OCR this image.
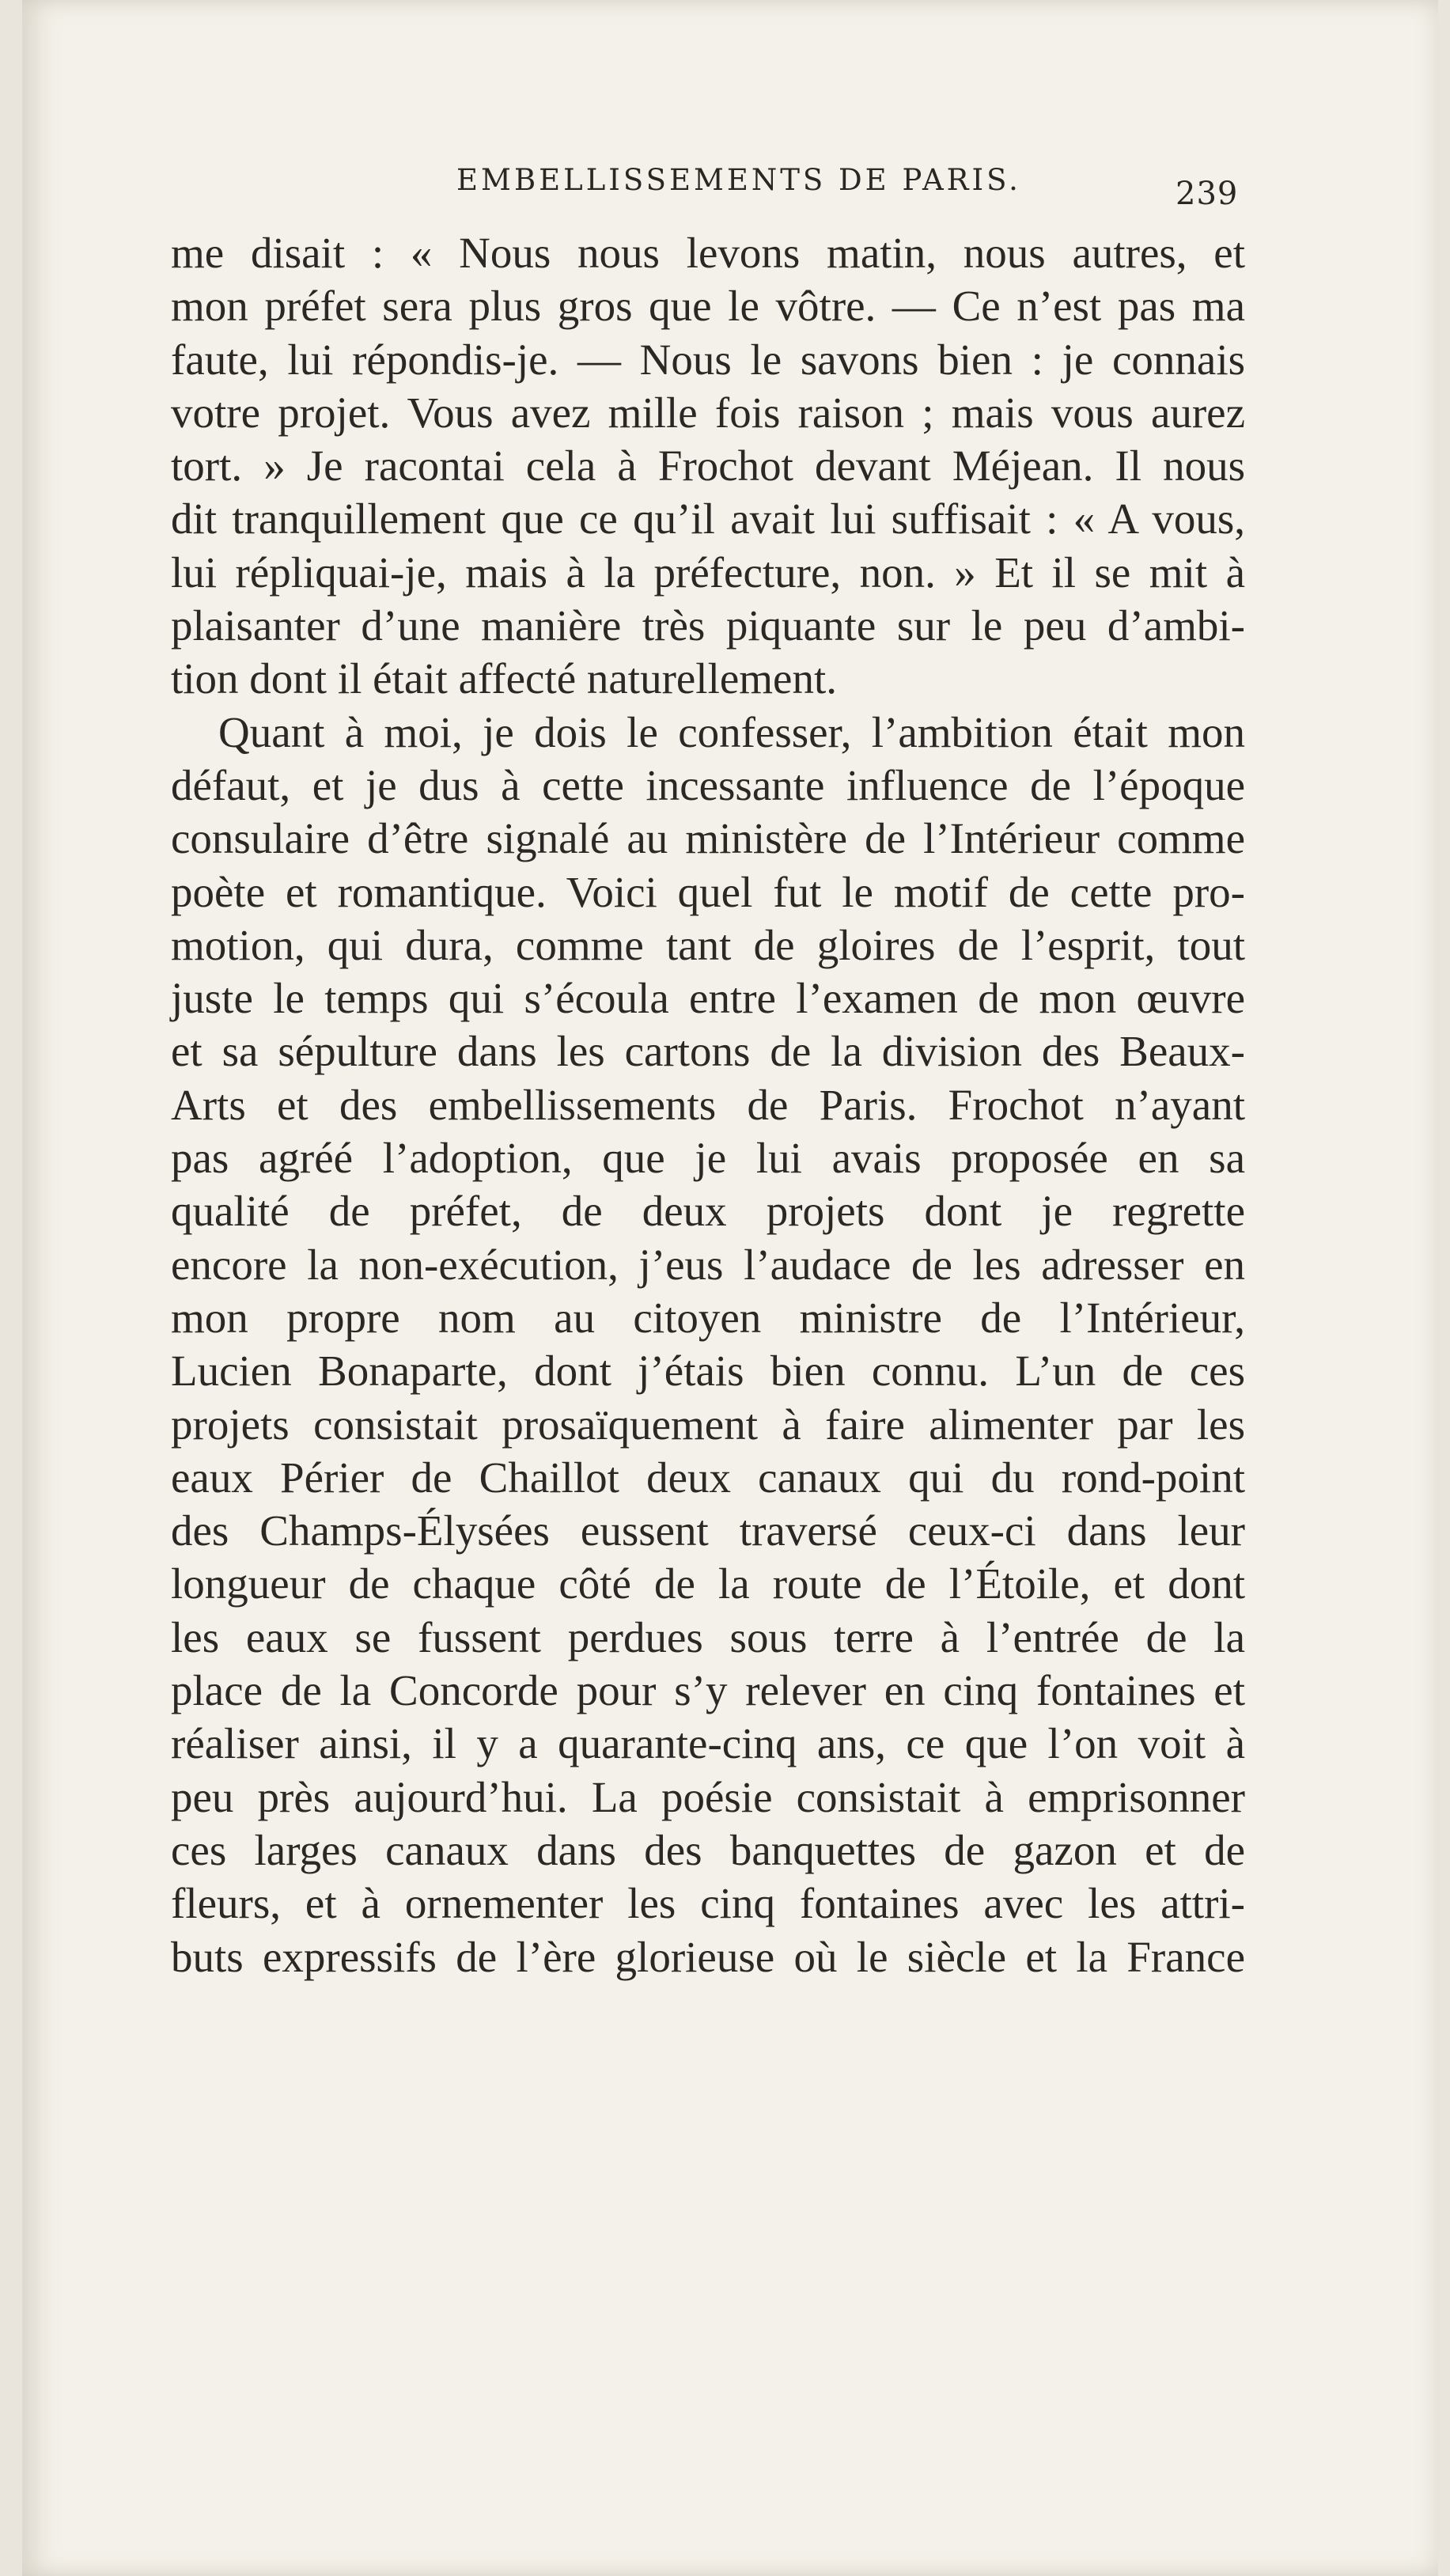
EMBELLISSEMENTS DE PARIS.	239
me disait : « Nous nous levons matin, nous autres, et
mon préfet sera plus gros que le vôtre. — Ce n’est pas ma
faute, lui répondis-je. — Nous le savons bien : je connais
votre projet. Vous avez mille fois raison ; mais vous aurez
tort. » Je racontai cela à Frochot devant Méjean. Il nous
dit tranquillement que ce qu’il avait lui suffisait : « A vous,
lui répliquai-je, mais à la préfecture, non. » Et il se mit à
plaisanter d’une manière très piquante sur le peu d’ambi-
tion dont il était affecté naturellement.
Quant à moi, je dois le confesser, l’ambition était mon
défaut, et je dus à cette incessante influence de l’époque
consulaire d’être signalé au ministère de l’Intérieur comme
poète et romantique. Voici quel fut le motif de cette pro-
motion, qui dura, comme tant de gloires de l’esprit, tout
juste le temps qui s’écoula entre l’examen de mon œuvre
et sa sépulture dans les cartons de la division des Beaux-
Arts et des embellissements de Paris. Frochot n’ayant
pas agréé l’adoption, que je lui avais proposée en sa
qualité de préfet, de deux projets dont je regrette
encore la non-exécution, j’eus l’audace de les adresser en
mon propre nom au citoyen ministre de l’Intérieur,
Lucien Bonaparte, dont j’étais bien connu. L’un de ces
projets consistait prosaïquement à faire alimenter par les
eaux Périer de Chaillot deux canaux qui du rond-point
des Champs-Élysées eussent traversé ceux-ci dans leur
longueur de chaque côté de la route de l’Étoile, et dont
les eaux se fussent perdues sous terre à l’entrée de la
place de la Concorde pour s’y relever en cinq fontaines et
réaliser ainsi, il y a quarante-cinq ans, ce que l’on voit à
peu près aujourd’hui. La poésie consistait à emprisonner
ces larges canaux dans des banquettes de gazon et de
fleurs, et à ornementer les cinq fontaines avec les attri-
buts expressifs de l’ère glorieuse où le siècle et la France
